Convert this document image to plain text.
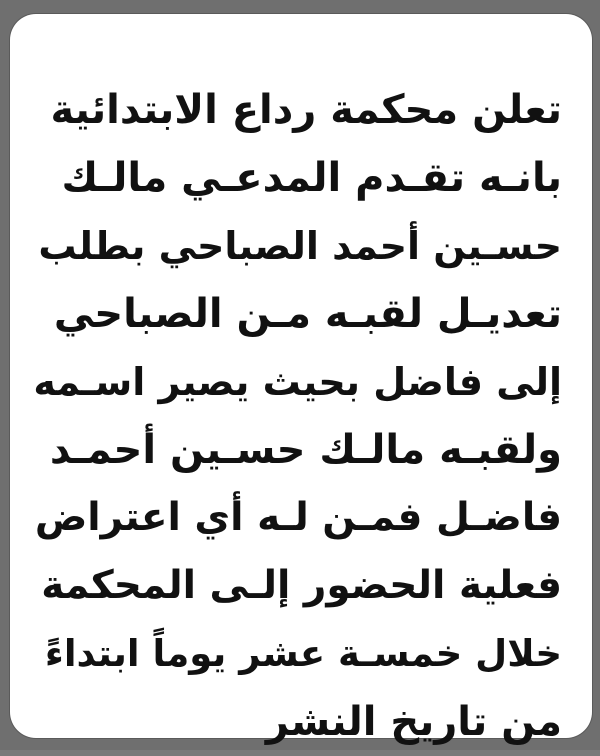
تعلن محكمة رداع الابتدائية
بانـه تقـدم المدعـي مالـك
حسـين أحمد الصباحي بطلب
تعديـل لقبـه مـن الصباحي
إلى فاضل بحيث يصير اسـمه
ولقبـه مالـك حسـين أحمـد
فاضـل فمـن لـه أي اعتراض
فعلية الحضور إلـى المحكمة
خلال خمسـة عشر يوماً ابتداءً
من تاريخ النشر
